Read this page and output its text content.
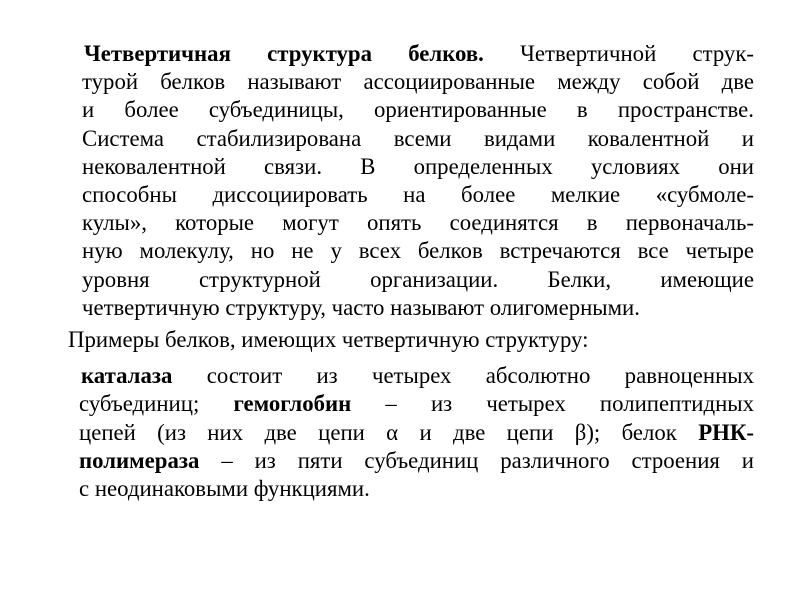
Четвертичная структура белков. Четвертичной струк-
турой белков называют ассоциированные между собой две
и более субъединицы, ориентированные в пространстве.
Система стабилизирована всеми видами ковалентной и
нековалентной связи. В определенных условиях они
способны диссоциировать на более мелкие «субмоле-
кулы», которые могут опять соединятся в первоначаль-
ную молекулу, но не у всех белков встречаются все четыре
уровня структурной организации. Белки, имеющие
четвертичную структуру, часто называют олигомерными.

Примеры белков, имеющих четвертичную структуру:

каталаза состоит из четырех абсолютно равноценных
субъединиц; гемоглобин – из четырех полипептидных
цепей (из них две цепи α и две цепи β); белок РНК-
полимераза – из пяти субъединиц различного строения и
с неодинаковыми функциями.
